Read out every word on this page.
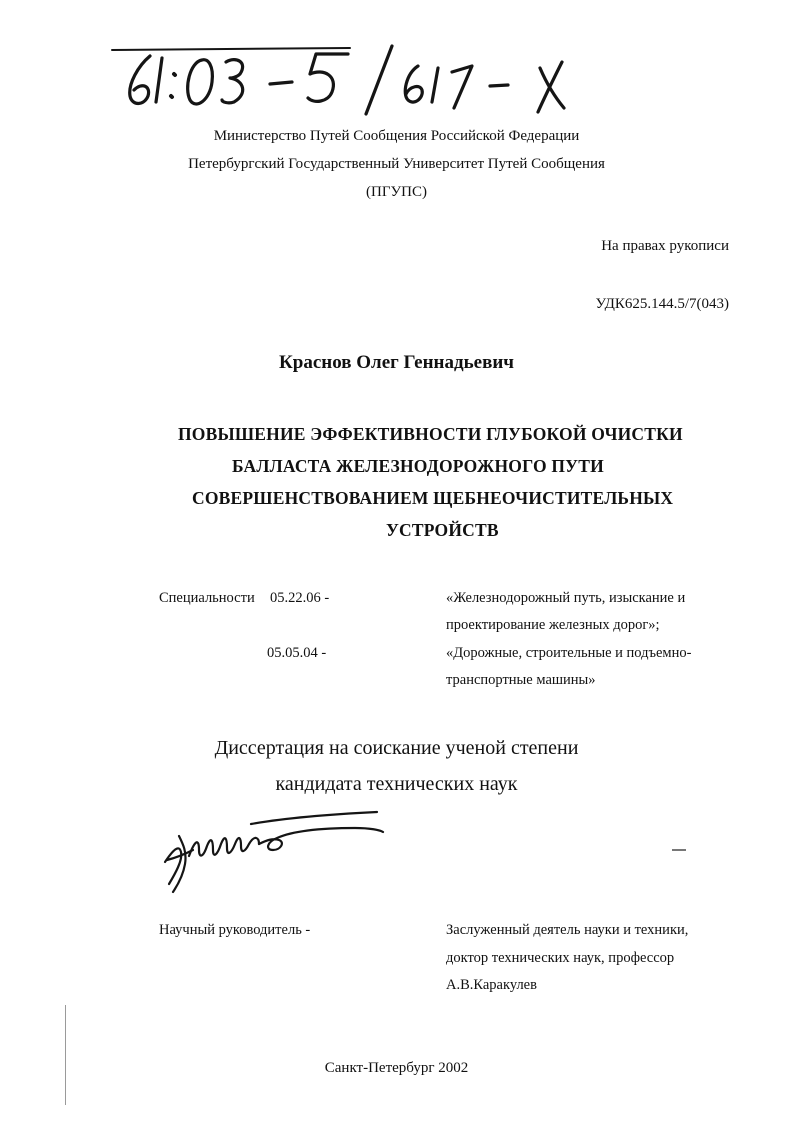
Министерство Путей Сообщения Российской Федерации
Петербургский Государственный Университет Путей Сообщения
(ПГУПС)
На правах рукописи
УДК625.144.5/7(043)
Краснов Олег Геннадьевич
ПОВЫШЕНИЕ ЭФФЕКТИВНОСТИ ГЛУБОКОЙ ОЧИСТКИ
БАЛЛАСТА ЖЕЛЕЗНОДОРОЖНОГО ПУТИ
СОВЕРШЕНСТВОВАНИЕМ ЩЕБНЕОЧИСТИТЕЛЬНЫХ
УСТРОЙСТВ
Специальности 05.22.06 -	«Железнодорожный путь, изыскание и
проектирование железных дорог»;
05.05.04 -	«Дорожные, строительные и подъемно-
транспортные машины»
Диссертация на соискание ученой степени
кандидата технических наук
Научный руководитель -	Заслуженный деятель науки и техники,
доктор технических наук, профессор
А.В.Каракулев
Санкт-Петербург 2002
